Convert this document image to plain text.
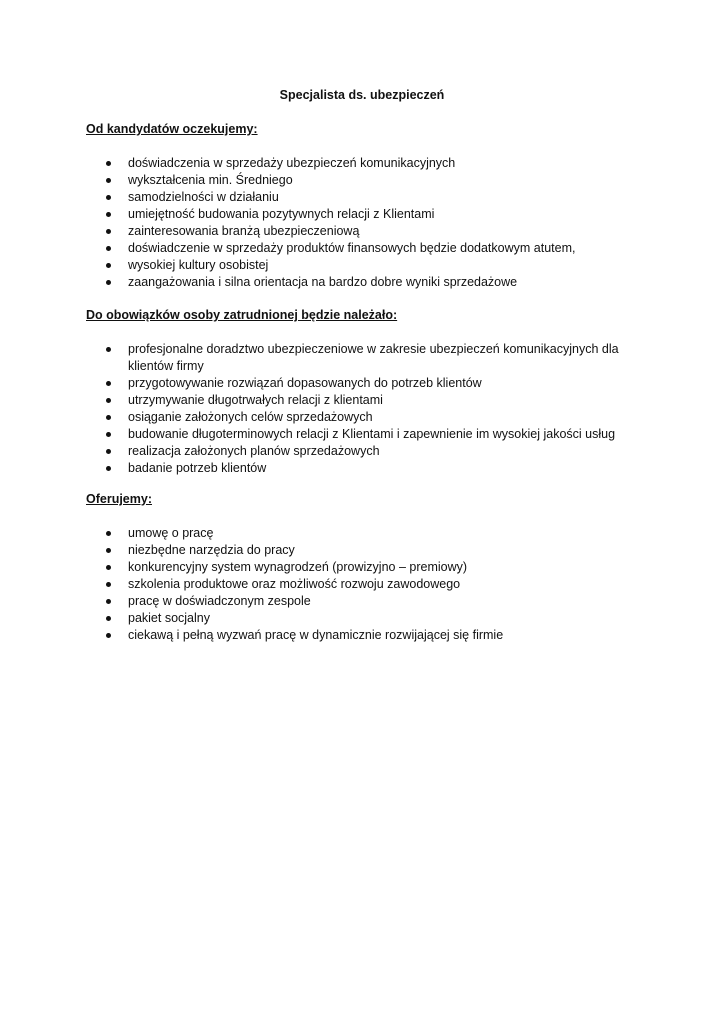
Specjalista ds. ubezpieczeń

Od kandydatów oczekujemy:

doświadczenia w sprzedaży ubezpieczeń komunikacyjnych
wykształcenia min. Średniego
samodzielności w działaniu
umiejętność budowania pozytywnych relacji z Klientami
zainteresowania branżą ubezpieczeniową
doświadczenie w sprzedaży produktów finansowych będzie dodatkowym atutem,
wysokiej kultury osobistej
zaangażowania i silna orientacja na bardzo dobre wyniki sprzedażowe

Do obowiązków osoby zatrudnionej będzie należało:

profesjonalne doradztwo ubezpieczeniowe w zakresie ubezpieczeń komunikacyjnych dla klientów firmy
przygotowywanie rozwiązań dopasowanych do potrzeb klientów
utrzymywanie długotrwałych relacji z klientami
osiąganie założonych celów sprzedażowych
budowanie długoterminowych relacji z Klientami i zapewnienie im wysokiej jakości usług
realizacja założonych planów sprzedażowych
badanie potrzeb klientów

Oferujemy:

umowę o pracę
niezbędne narzędzia do pracy
konkurencyjny system wynagrodzeń (prowizyjno – premiowy)
szkolenia produktowe oraz możliwość rozwoju zawodowego
pracę w doświadczonym zespole
pakiet socjalny
ciekawą i pełną wyzwań pracę w dynamicznie rozwijającej się firmie
